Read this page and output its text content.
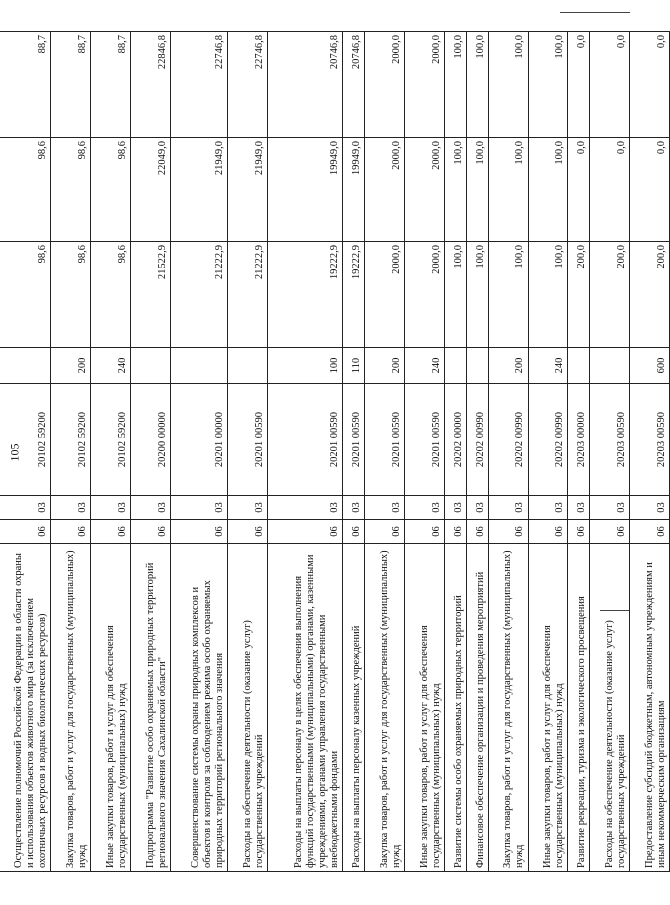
105

Осуществление полномочий Российской Федерации в области охраны и использования объектов животного мира (за исключением охотничьих ресурсов и водных биологических ресурсов)	06	03	20102 59200		98,6	98,6	88,7
Закупка товаров, работ и услуг для государственных (муниципальных) нужд	06	03	20102 59200	200	98,6	98,6	88,7
Иные закупки товаров, работ и услуг для обеспечения государственных (муниципальных) нужд	06	03	20102 59200	240	98,6	98,6	88,7
Подпрограмма "Развитие особо охраняемых природных территорий регионального значения Сахалинской области"	06	03	20200 00000		21522,9	22049,0	22846,8
Совершенствование системы охраны природных комплексов и объектов и контроля за соблюдением режима особо охраняемых природных территорий регионального значения	06	03	20201 00000		21222,9	21949,0	22746,8
Расходы на обеспечение деятельности (оказание услуг) государственных учреждений	06	03	20201 00590		21222,9	21949,0	22746,8
Расходы на выплаты персоналу в целях обеспечения выполнения функций государственными (муниципальными) органами, казенными учреждениями, органами управления государственными внебюджетными фондами	06	03	20201 00590	100	19222,9	19949,0	20746,8
Расходы на выплаты персоналу казенных учреждений	06	03	20201 00590	110	19222,9	19949,0	20746,8
Закупка товаров, работ и услуг для государственных (муниципальных) нужд	06	03	20201 00590	200	2000,0	2000,0	2000,0
Иные закупки товаров, работ и услуг для обеспечения государственных (муниципальных) нужд	06	03	20201 00590	240	2000,0	2000,0	2000,0
Развитие системы особо охраняемых природных территорий	06	03	20202 00000		100,0	100,0	100,0
Финансовое обеспечение организации и проведения мероприятий	06	03	20202 00990		100,0	100,0	100,0
Закупка товаров, работ и услуг для государственных (муниципальных) нужд	06	03	20202 00990	200	100,0	100,0	100,0
Иные закупки товаров, работ и услуг для обеспечения государственных (муниципальных) нужд	06	03	20202 00990	240	100,0	100,0	100,0
Развитие рекреации, туризма и экологического просвещения	06	03	20203 00000		200,0	0,0	0,0
Расходы на обеспечение деятельности (оказание услуг) государственных учреждений	06	03	20203 00590		200,0	0,0	0,0
Предоставление субсидий бюджетным, автономным учреждениям и иным некоммерческим организациям	06	03	20203 00590	600	200,0	0,0	0,0
